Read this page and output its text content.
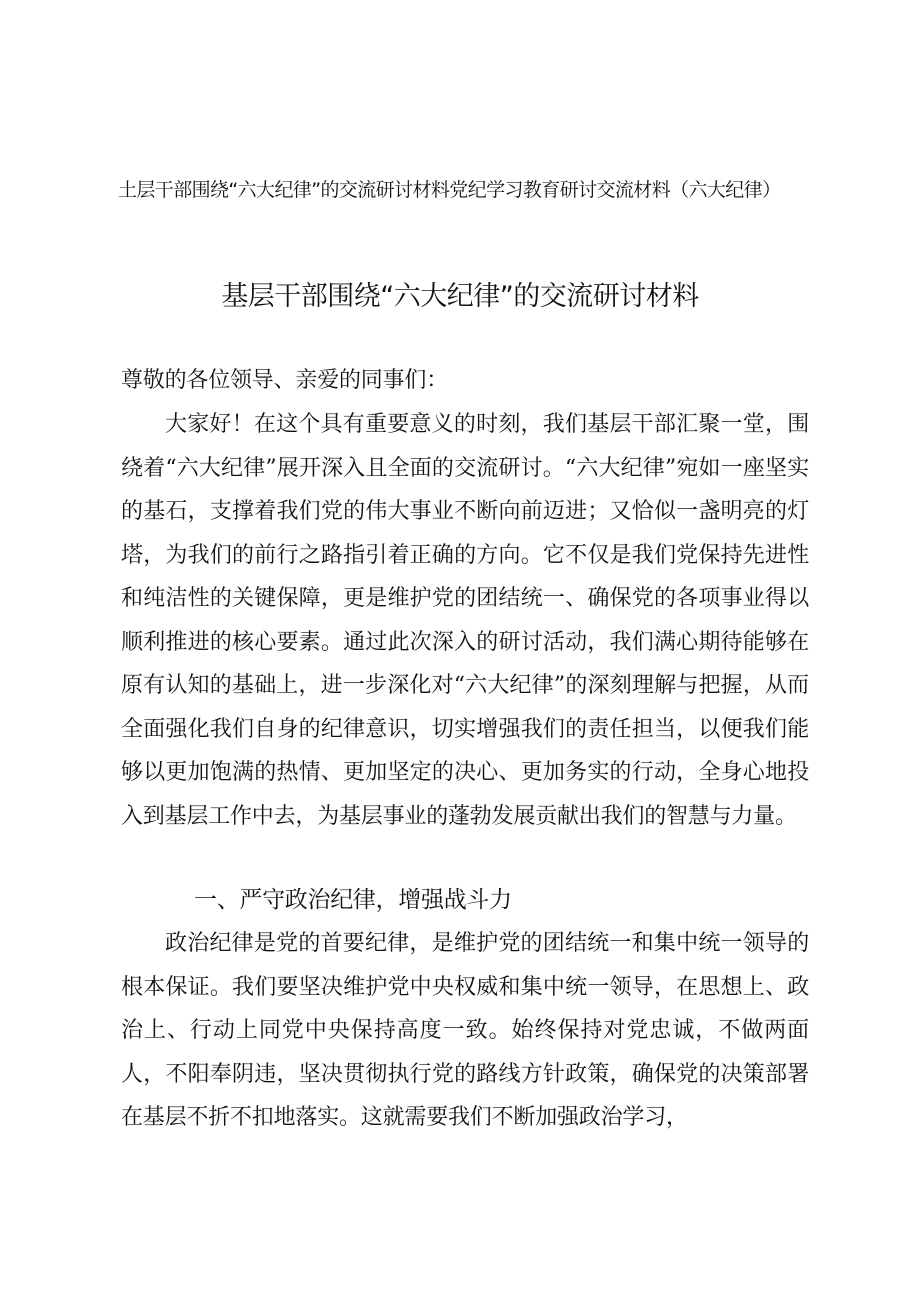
土层干部围绕“六大纪律”的交流研讨材料党纪学习教育研讨交流材料（六大纪律）
基层干部围绕“六大纪律”的交流研讨材料
尊敬的各位领导、亲爱的同事们：
大家好！在这个具有重要意义的时刻，我们基层干部汇聚一堂，围绕着“六大纪律”展开深入且全面的交流研讨。“六大纪律”宛如一座坚实的基石，支撑着我们党的伟大事业不断向前迈进；又恰似一盏明亮的灯塔，为我们的前行之路指引着正确的方向。它不仅是我们党保持先进性和纯洁性的关键保障，更是维护党的团结统一、确保党的各项事业得以顺利推进的核心要素。通过此次深入的研讨活动，我们满心期待能够在原有认知的基础上，进一步深化对“六大纪律”的深刻理解与把握，从而全面强化我们自身的纪律意识，切实增强我们的责任担当，以便我们能够以更加饱满的热情、更加坚定的决心、更加务实的行动，全身心地投入到基层工作中去，为基层事业的蓬勃发展贡献出我们的智慧与力量。
一、严守政治纪律，增强战斗力
政治纪律是党的首要纪律，是维护党的团结统一和集中统一领导的根本保证。我们要坚决维护党中央权威和集中统一领导，在思想上、政治上、行动上同党中央保持高度一致。始终保持对党忠诚，不做两面人，不阳奉阴违，坚决贯彻执行党的路线方针政策，确保党的决策部署在基层不折不扣地落实。这就需要我们不断加强政治学习，
